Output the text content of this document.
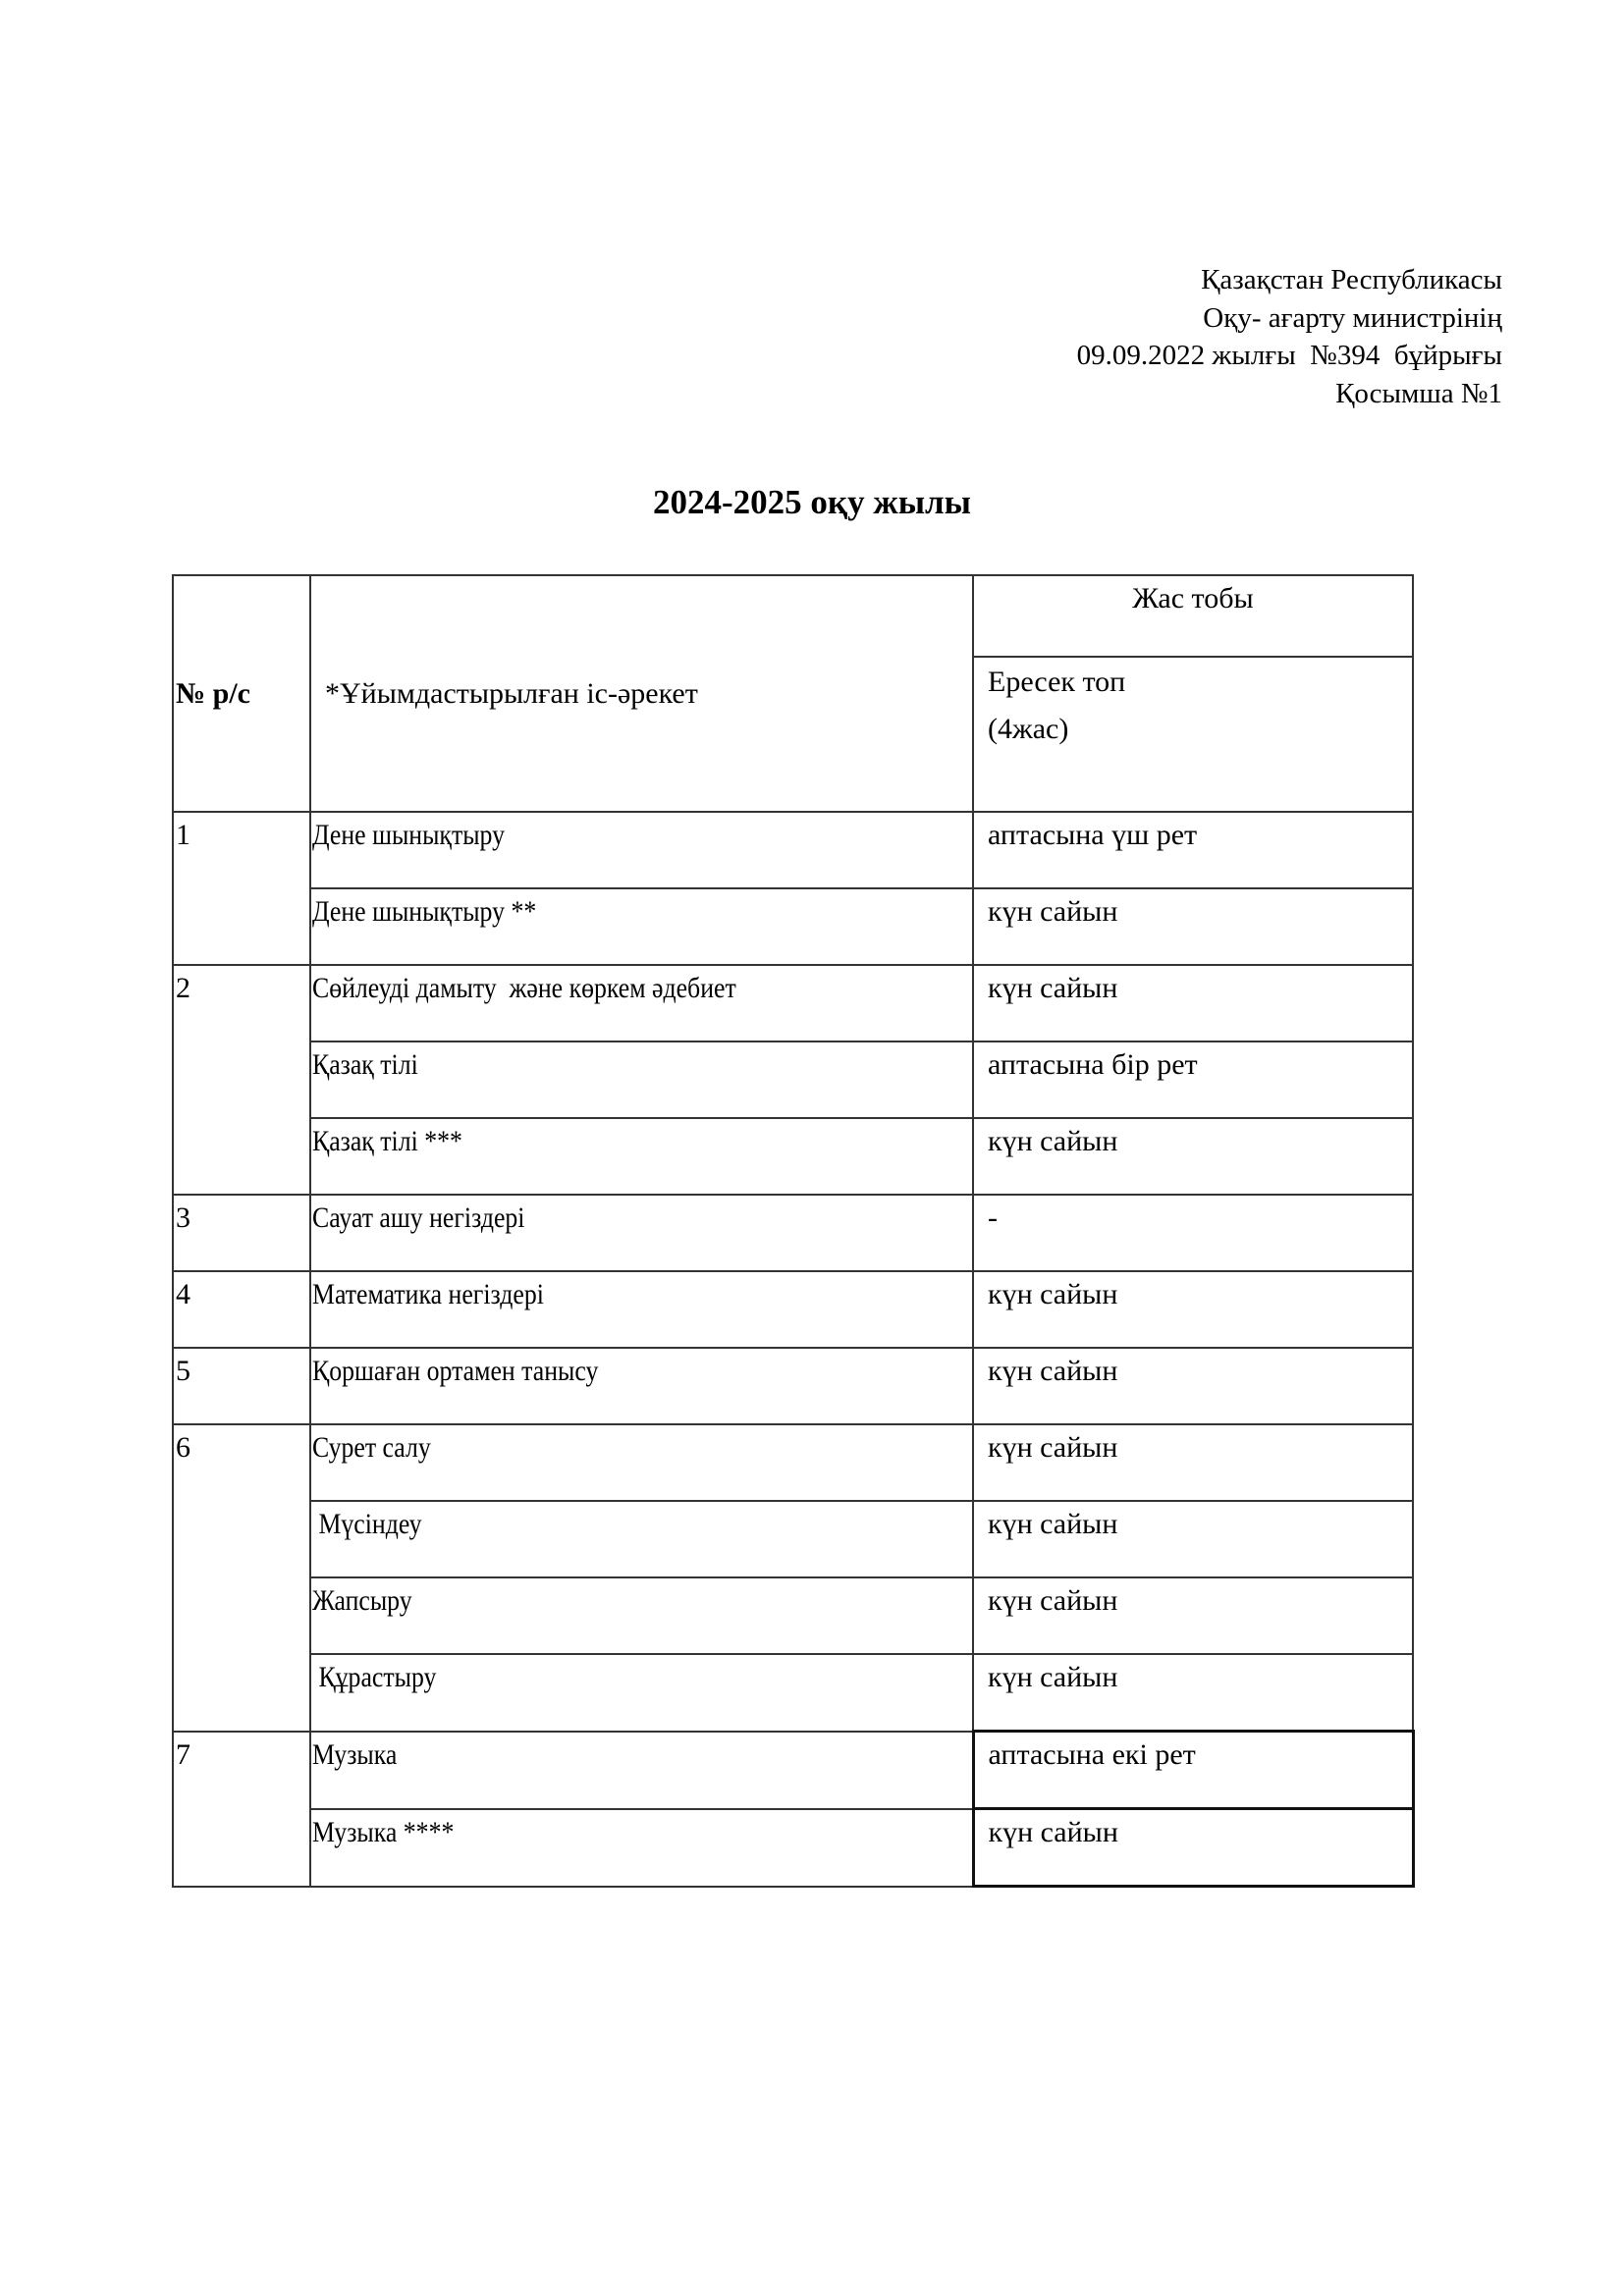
Қазақстан Республикасы
Оқу- ағарту министрінің
09.09.2022 жылғы  №394  бұйрығы
Қосымша №1
2024-2025 оқу жылы
№ р/с	*Ұйымдастырылған іс-әрекет	Жас тобы

		Ересек топ
(4жас)

1	Дене шынықтыру	аптасына үш рет

	Дене шынықтыру **	күн сайын

2	Сөйлеуді дамыту  және көркем әдебиет	күн сайын

	Қазақ тілі	аптасына бір рет

	Қазақ тілі ***	күн сайын

3	Сауат ашу негіздері	-

4	Математика негіздері	күн сайын

5	Қоршаған ортамен танысу	күн сайын

6	Сурет салу	күн сайын

	Мүсіндеу	күн сайын

	Жапсыру	күн сайын

	Құрастыру	күн сайын

7	Музыка	аптасына екі рет

	Музыка ****	күн сайын
